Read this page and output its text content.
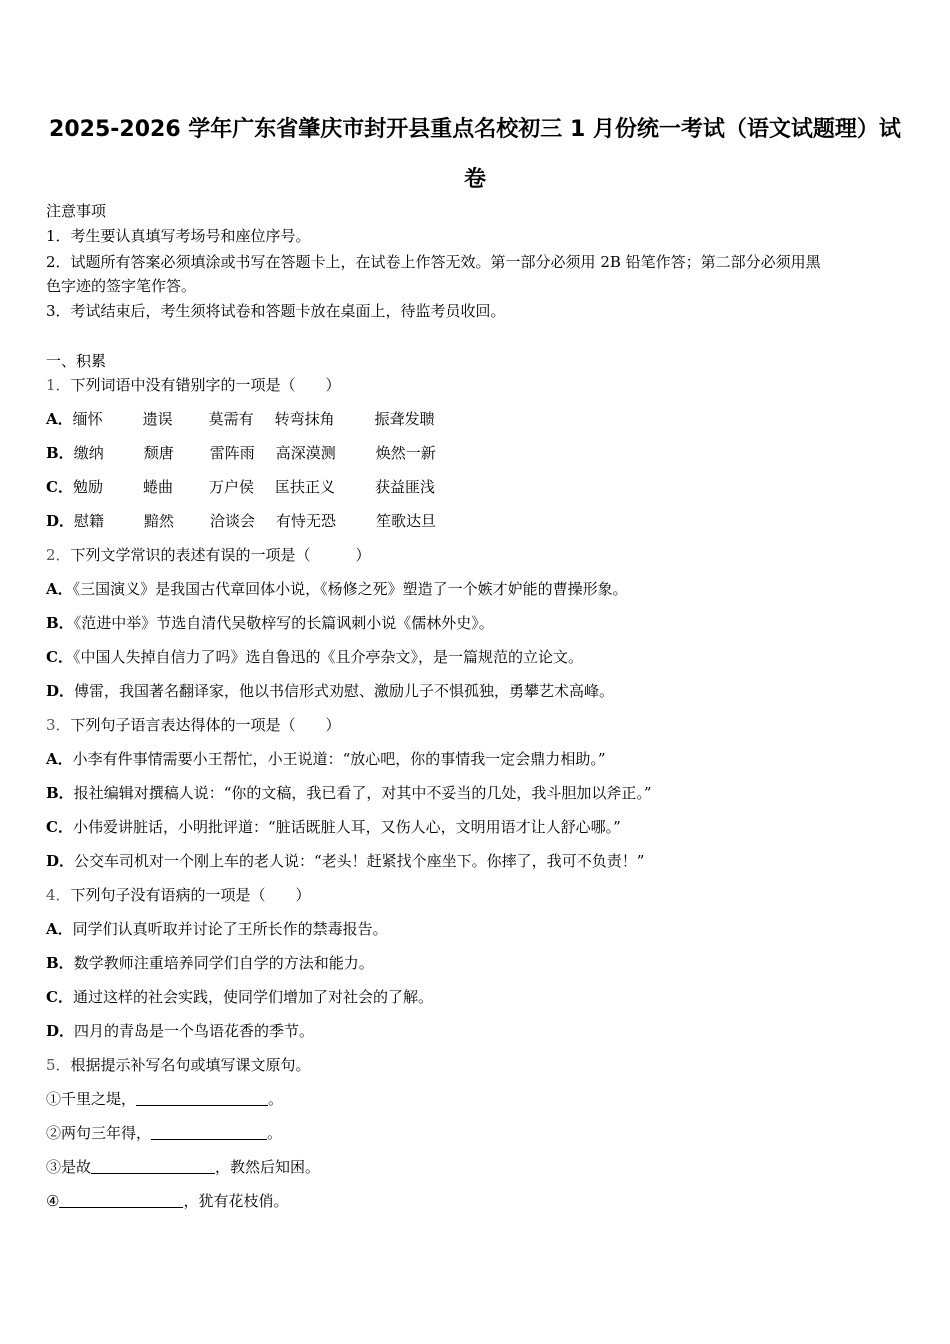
2025-2026 学年广东省肇庆市封开县重点名校初三 1 月份统一考试（语文试题理）试
卷
注意事项
1．考生要认真填写考场号和座位序号。
2．试题所有答案必须填涂或书写在答题卡上，在试卷上作答无效。第一部分必须用 2B 铅笔作答；第二部分必须用黑
色字迹的签字笔作答。
3．考试结束后，考生须将试卷和答题卡放在桌面上，待监考员收回。
一、积累
1．下列词语中没有错别字的一项是（　　）
A．缅怀	遗误 莫需有 转弯抹角	振聋发聩
B．缴纳	颓唐 雷阵雨 高深漠测	焕然一新
C．勉励	蜷曲 万户侯 匡扶正义	获益匪浅
D．慰籍	黯然 洽谈会 有恃无恐	笙歌达旦
2．下列文学常识的表述有误的一项是（　　　）
A．《三国演义》是我国古代章回体小说，《杨修之死》塑造了一个嫉才妒能的曹操形象。
B．《范进中举》节选自清代吴敬梓写的长篇讽刺小说《儒林外史》。
C．《中国人失掉自信力了吗》选自鲁迅的《且介亭杂文》，是一篇规范的立论文。
D．傅雷，我国著名翻译家，他以书信形式劝慰、激励儿子不惧孤独，勇攀艺术高峰。
3．下列句子语言表达得体的一项是（　　）
A．小李有件事情需要小王帮忙，小王说道：“放心吧，你的事情我一定会鼎力相助。”
B．报社编辑对撰稿人说：“你的文稿，我已看了，对其中不妥当的几处，我斗胆加以斧正。”
C．小伟爱讲脏话，小明批评道：“脏话既脏人耳，又伤人心，文明用语才让人舒心哪。”
D．公交车司机对一个刚上车的老人说：“老头！赶紧找个座坐下。你摔了，我可不负责！”
4．下列句子没有语病的一项是（　　）
A．同学们认真听取并讨论了王所长作的禁毒报告。
B．数学教师注重培养同学们自学的方法和能力。
C．通过这样的社会实践，使同学们增加了对社会的了解。
D．四月的青岛是一个鸟语花香的季节。
5．根据提示补写名句或填写课文原句。
①千里之堤，	。
②两句三年得，	。
③是故	，教然后知困。
④	，犹有花枝俏。
